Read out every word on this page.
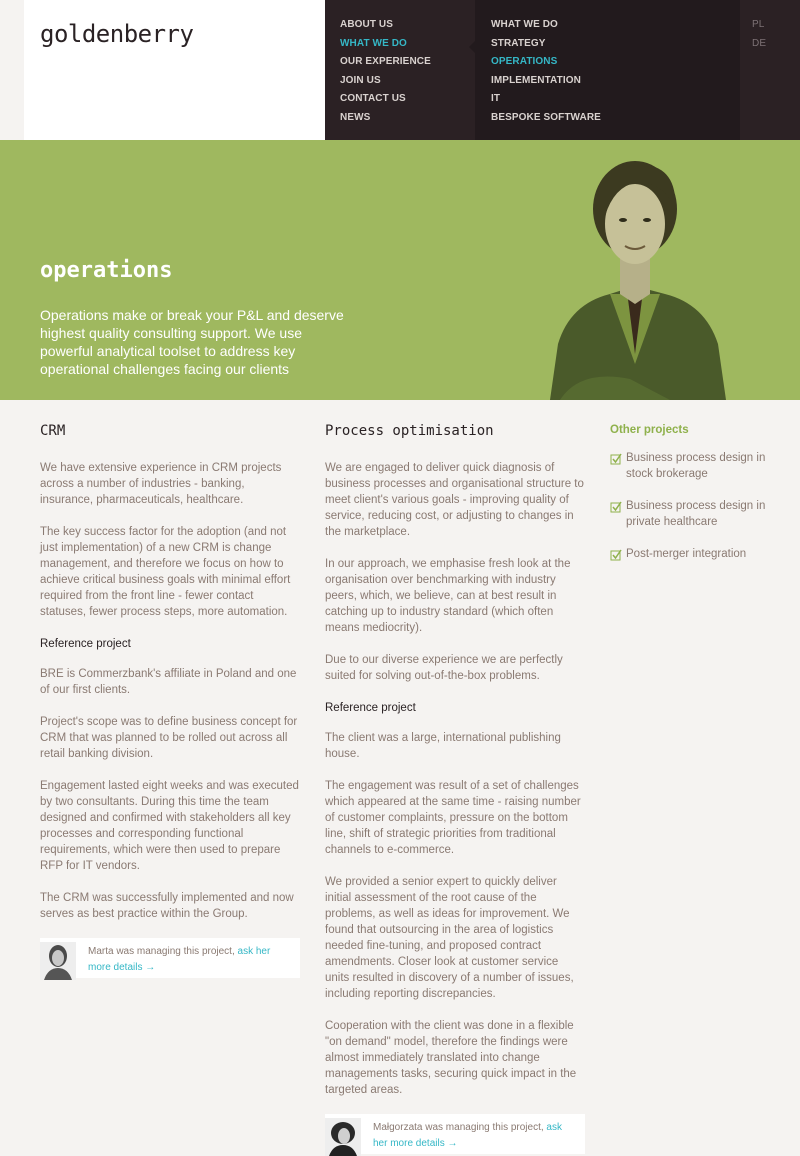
goldenberry	ABOUT US
WHAT WE DO
OUR EXPERIENCE
JOIN US
CONTACT US
NEWS
WHAT WE DO
STRATEGY
OPERATIONS
IMPLEMENTATION
IT
BESPOKE SOFTWARE
PL
DE
operations

Operations make or break your P&L and deserve highest quality consulting support. We use powerful analytical toolset to address key operational challenges facing our clients

CRM

We have extensive experience in CRM projects across a number of industries - banking, insurance, pharmaceuticals, healthcare.

The key success factor for the adoption (and not just implementation) of a new CRM is change management, and therefore we focus on how to achieve critical business goals with minimal effort required from the front line - fewer contact statuses, fewer process steps, more automation.

Reference project

BRE is Commerzbank's affiliate in Poland and one of our first clients.

Project's scope was to define business concept for CRM that was planned to be rolled out across all retail banking division.

Engagement lasted eight weeks and was executed by two consultants. During this time the team designed and confirmed with stakeholders all key processes and corresponding functional requirements, which were then used to prepare RFP for IT vendors.

The CRM was successfully implemented and now serves as best practice within the Group.

Marta was managing this project, ask her more details →
Process optimisation

We are engaged to deliver quick diagnosis of business processes and organisational structure to meet client's various goals - improving quality of service, reducing cost, or adjusting to changes in the marketplace.

In our approach, we emphasise fresh look at the organisation over benchmarking with industry peers, which, we believe, can at best result in catching up to industry standard (which often means mediocrity).

Due to our diverse experience we are perfectly suited for solving out-of-the-box problems.

Reference project

The client was a large, international publishing house.

The engagement was result of a set of challenges which appeared at the same time - raising number of customer complaints, pressure on the bottom line, shift of strategic priorities from traditional channels to e-commerce.

We provided a senior expert to quickly deliver initial assessment of the root cause of the problems, as well as ideas for improvement. We found that outsourcing in the area of logistics needed fine-tuning, and proposed contract amendments. Closer look at customer service units resulted in discovery of a number of issues, including reporting discrepancies.

Cooperation with the client was done in a flexible "on demand" model, therefore the findings were almost immediately translated into change managements tasks, securing quick impact in the targeted areas.

Małgorzata was managing this project, ask her more details →
Other projects
Business process design in stock brokerage
Business process design in private healthcare
Post-merger integration
